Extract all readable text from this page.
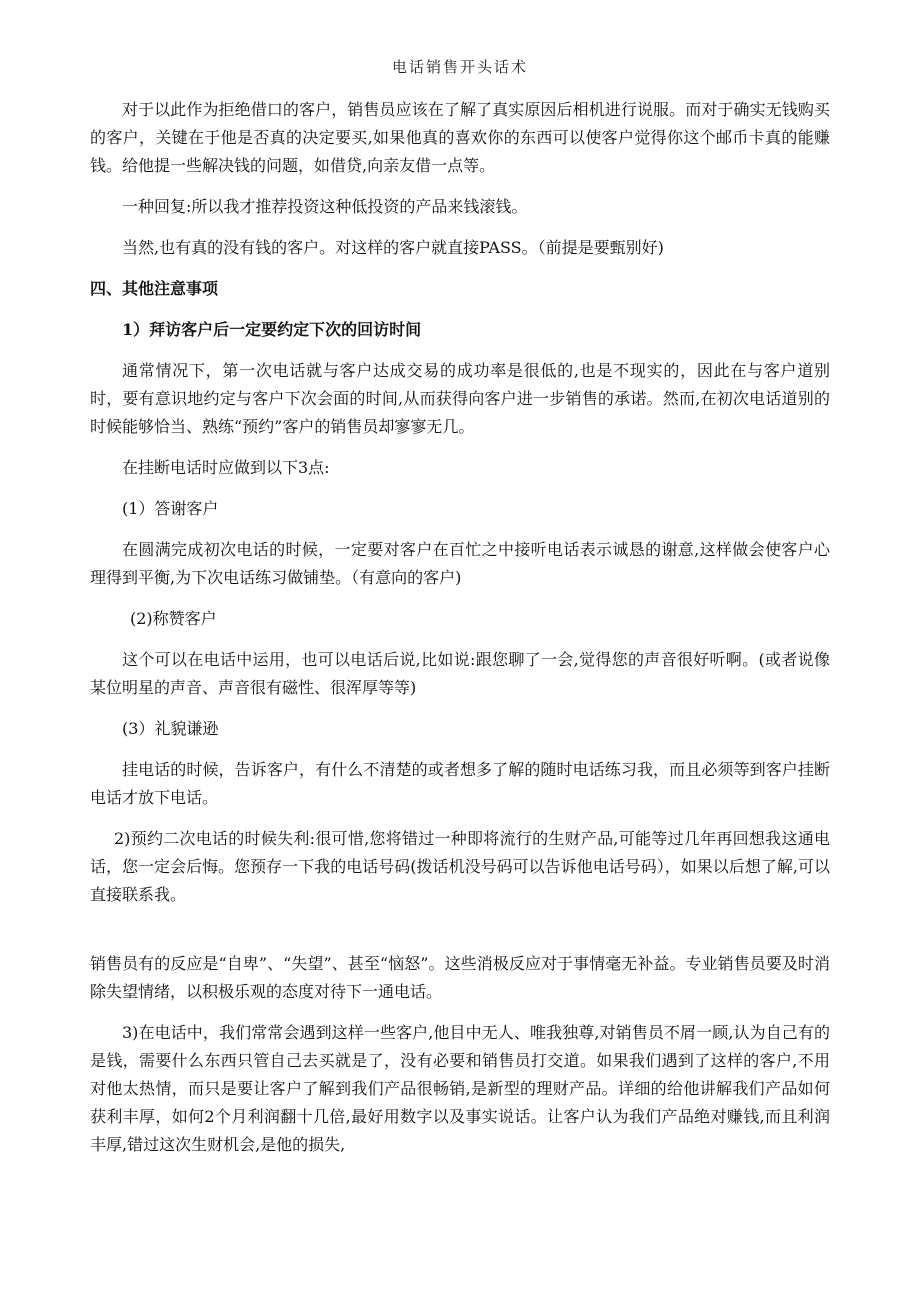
电话销售开头话术

对于以此作为拒绝借口的客户，销售员应该在了解了真实原因后相机进行说服。而对于确实无钱购买的客户，关键在于他是否真的决定要买,如果他真的喜欢你的东西可以使客户觉得你这个邮币卡真的能赚钱。给他提一些解决钱的问题，如借贷,向亲友借一点等。

一种回复:所以我才推荐投资这种低投资的产品来钱滚钱。

当然,也有真的没有钱的客户。对这样的客户就直接PASS。（前提是要甄别好)

四、其他注意事项
1）拜访客户后一定要约定下次的回访时间

通常情况下，第一次电话就与客户达成交易的成功率是很低的,也是不现实的，因此在与客户道别时，要有意识地约定与客户下次会面的时间,从而获得向客户进一步销售的承诺。然而,在初次电话道别的时候能够恰当、熟练“预约”客户的销售员却寥寥无几。

在挂断电话时应做到以下3点:

(1）答谢客户

在圆满完成初次电话的时候，一定要对客户在百忙之中接听电话表示诚恳的谢意,这样做会使客户心理得到平衡,为下次电话练习做铺垫。（有意向的客户)

(2)称赞客户

这个可以在电话中运用，也可以电话后说,比如说:跟您聊了一会,觉得您的声音很好听啊。(或者说像某位明星的声音、声音很有磁性、很浑厚等等)

(3）礼貌谦逊

挂电话的时候，告诉客户，有什么不清楚的或者想多了解的随时电话练习我，而且必须等到客户挂断电话才放下电话。

2)预约二次电话的时候失利:很可惜,您将错过一种即将流行的生财产品,可能等过几年再回想我这通电话，您一定会后悔。您预存一下我的电话号码(拨话机没号码可以告诉他电话号码），如果以后想了解,可以直接联系我。

销售员有的反应是“自卑”、“失望”、甚至“恼怒”。这些消极反应对于事情毫无补益。专业销售员要及时消除失望情绪，以积极乐观的态度对待下一通电话。

3)在电话中，我们常常会遇到这样一些客户,他目中无人、唯我独尊,对销售员不屑一顾,认为自己有的是钱，需要什么东西只管自己去买就是了，没有必要和销售员打交道。如果我们遇到了这样的客户,不用对他太热情，而只是要让客户了解到我们产品很畅销,是新型的理财产品。详细的给他讲解我们产品如何获利丰厚，如何2个月利润翻十几倍,最好用数字以及事实说话。让客户认为我们产品绝对赚钱,而且利润丰厚,错过这次生财机会,是他的损失,
